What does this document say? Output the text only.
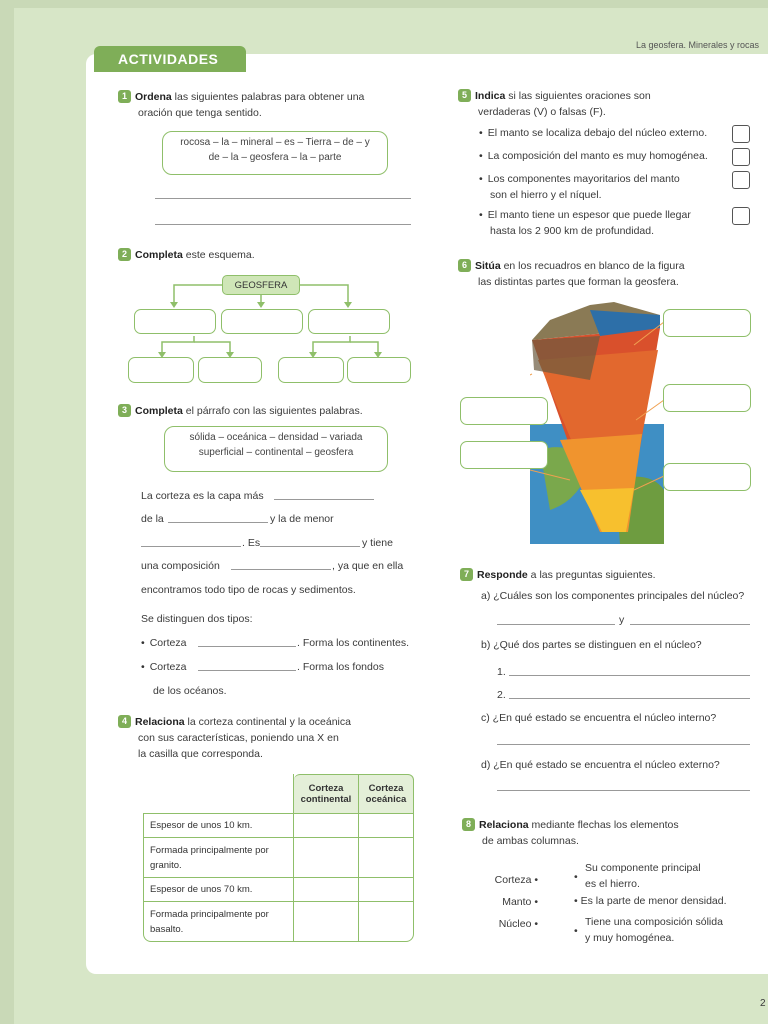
ACTIVIDADES
La geosfera. Minerales y rocas
2
1 Ordena las siguientes palabras para obtener una
oración que tenga sentido.
rocosa – la – mineral – es – Tierra – de – y
de – la – geosfera – la – parte
2 Completa este esquema.
GEOSFERA
3 Completa el párrafo con las siguientes palabras.
sólida – oceánica – densidad – variada
superficial – continental – geosfera
La corteza es la capa más
de la	y la de menor
. Es	y tiene
una composición	, ya que en ella
encontramos todo tipo de rocas y sedimentos.
Se distinguen dos tipos:
• Corteza	. Forma los continentes.
• Corteza	. Forma los fondos
de los océanos.
4 Relaciona la corteza continental y la oceánica
con sus características, poniendo una X en
la casilla que corresponda.
	Corteza
continental	Corteza
oceánica
Espesor de unos 10 km.		
Formada principalmente por granito.		
Espesor de unos 70 km.		
Formada principalmente por basalto.		
5 Indica si las siguientes oraciones son
verdaderas (V) o falsas (F).
• El manto se localiza debajo del núcleo externo.
• La composición del manto es muy homogénea.
• Los componentes mayoritarios del manto
son el hierro y el níquel.
• El manto tiene un espesor que puede llegar
hasta los 2 900 km de profundidad.
6 Sitúa en los recuadros en blanco de la figura
las distintas partes que forman la geosfera.
7 Responde a las preguntas siguientes.
a) ¿Cuáles son los componentes principales del núcleo?
y
b) ¿Qué dos partes se distinguen en el núcleo?
1.
2.
c) ¿En qué estado se encuentra el núcleo interno?
d) ¿En qué estado se encuentra el núcleo externo?
8 Relaciona mediante flechas los elementos
de ambas columnas.
Corteza •
Manto •
Núcleo •
•
Su componente principal
es el hierro.
• Es la parte de menor densidad.
•
Tiene una composición sólida
y muy homogénea.
